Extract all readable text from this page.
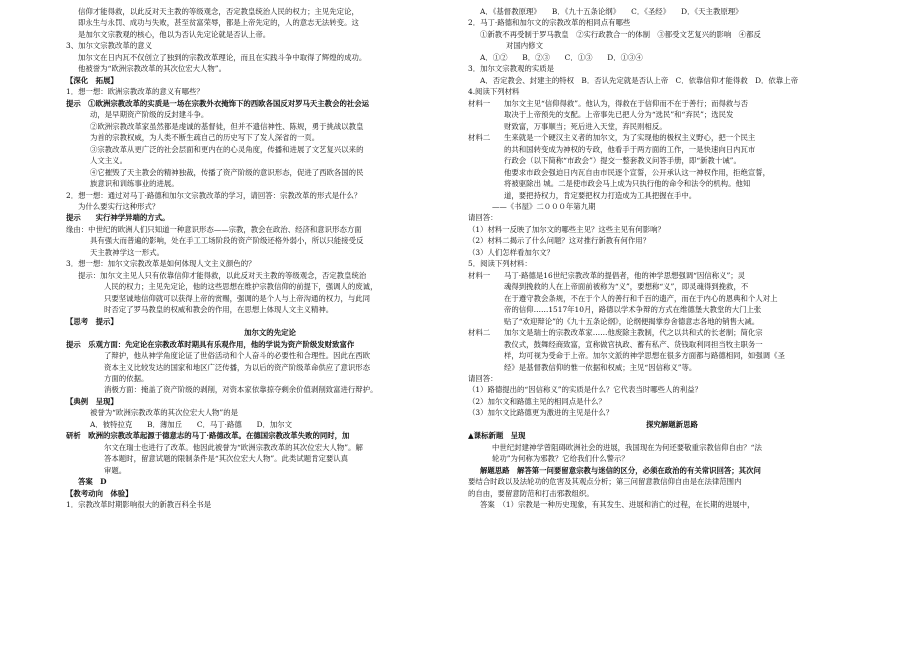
信仰才能得救，以此反对天主教的等级观念，否定教皇统治人民的权力；主见先定论，

即永生与永罚、成功与失败，甚至贫富荣辱，都是上帝先定的，人的意志无法转变。这

是加尔文宗教观的核心，他以为否认先定论就是否认上帝。

3、加尔文宗教改革的意义

加尔文在日内瓦不仅创立了独到的宗教改革理论，而且在实践斗争中取得了辉煌的成功。

他被誉为“欧洲宗教改革的其次位宏大人物”。

【深化　拓展】

1．想一想：欧洲宗教改革的意义有哪些？

提示　①欧洲宗教改革的实质是一场在宗教外衣掩饰下的西欧各国反对罗马天主教会的社会运

动，是早期资产阶级的反封建斗争。

②欧洲宗教改革家虽然都是虔诚的基督徒，但并不遗信神性、陈规，勇于挑战以教皇

为首的宗教权威，为人类不断生疏自己的历史写下了发人深省的一页。

③宗教改革从更广泛的社会层面和更内在的心灵角度，传播和进展了文艺复兴以来的

人文主义。

④它摧毁了天主教会的精神独裁，传播了资产阶级的意识形态，促进了西欧各国的民

族意识和训练事业的进展。

2．想一想：通过对马丁·路德和加尔文宗教改革的学习，请回答：宗教改革的形式是什么？

为什么要实行这种形式？

提示　　实行神学异端的方式。

缘由：中世纪的欧洲人们只知道一种意识形态——宗教，教会在政治、经济和意识形态方面

具有强大而普遍的影响，处在手工工场阶段的资产阶级还格外弱小，所以只能接受反

天主教神学这一形式。

3．想一想：加尔文宗教改革是如何体现人文主义颜色的？

提示：加尔文主见人只有依靠信仰才能得救，以此反对天主教的等级观念，否定教皇统治

人民的权力；主见先定论，他的这些思想在维护宗教信仰的前提下，强调人的废诚，

只要坚诚地信仰就可以获得上帝的赏赐，强调的是个人与上帝沟通的权力，与此同

时否定了罗马教皇的权威和教会的作用，在思想上体现人文主义精神。

【思考　提示】

加尔文的先定论

提示　乐观方面：先定论在宗教改革时期具有乐观作用，他的学说为资产阶级发财致富作

了辩护，他从神学角度论证了世俗活动和个人奋斗的必要性和合理性。因此在西欧

资本主义比较发达的国家和地区广泛传播，为以后的资产阶级革命供应了意识形态

方面的依据。

消极方面：掩盖了资产阶级的剥削，对资本家依靠掠夺剩余价值剥削致富进行辩护。

【典例　呈现】

被誉为“欧洲宗教改革的其次位宏大人物”的是

A．彼特拉克　　B．薄加丘　　C．马丁·路德　　D．加尔文

研析　欧洲的宗教改革起源于德意志的马丁·路德改革。在德国宗教改革失败的同时，加

尔文在瑞士也进行了改革。他因此被誉为“欧洲宗教改革的其次位宏大人物”。解

答本题时，留意试题的限制条件是“其次位宏大人物”。此类试题肯定要认真

审题。

答案　D

【教考动向　体验】

1．宗教改革时期影响很大的新教百科全书是

A．《基督教原理》　　B．《九十五条论纲》　　C．《圣经》　　D．《天主教原理》

2．马丁·路德和加尔文的宗教改革的相同点有哪些

①新教不再受制于罗马教皇　②实行政教合一的体制　③都受文艺复兴的影响　④都反

对国内修文

A．①②　　B．②③　　C．①③　　D．①③④

3．加尔文宗教观的实质是

A．否定教会、封建主的特权　B．否认先定就是否认上帝　C．依靠信仰才能得救　D．依靠上帝

4.阅读下列材料

材料一	加尔文主见“信仰得救”。他认为，得救在于信仰而不在于善行；而得救与否

取决于上帝预先的支配。上帝事先已把人分为“选民”和“弃民”；选民发

财致富，万事顺当；死后进入天堂，弃民则相反。

材料二	生来就是一个硬汉主义者的加尔文，为了实现他的极权主义野心，把一个民主

的共和国转变成为神权的专政，他看手于两方面的工作，一是快速向日内瓦市

行政会（以下简称“市政会”）提交一整套教义问答手册，即“新教十诫”。

他要求市政会强迫日内瓦自由市民逐个宣誓，公开承认这一神权作用，拒绝宣誓，

将被驱除出 城。二是使市政会马上成为只执行他的命令和法令的机构。他知

道，要把持权力，肯定要把权力打造成为工具把握在手中。

——《书屋》二０００年第九期

请回答：

（1）材料一反映了加尔文的哪些主见？这些主见有何影响？

（2）材料二揭示了什么问题？这对推行新教有何作用？

（3）人们怎样看加尔文？

5．阅读下列材料：

材料一	马丁·路德是16世纪宗教改革的提倡者，他的神学思想强调“因信称义”；灵

魂得到挽救的人在上帝面前被称为“义”，要想称“义”，即灵魂得到挽救，不

在于遵守教会条规，不在于个人的善行和千百的遗产，而在于内心的恩典和个人对上

帝的信仰……1517年10月，路德以学术争辩的方式在维德堡大教堂的大门上张

贴了“欢迎辩论”的《九十五条论纲》，论纲便揭掌券舍德意志各地的销售大减。

材料二	加尔文是瑞士的宗教改革家……他废除主教制，代之以共和式的长老制；简化宗

教仪式，鼓舞经商致富，宣称做官执政、蓄有私产、货钱取利同担当牧主职务一

样，均可视为受命于上帝。加尔文派的神学思想在很多方面都与路德相同，如强调《圣

经》是基督教信仰的惟一依据和权威；主见“因信称义”等。

请回答：

（1）路德提出的“因信称义”的实质是什么？它代表当时哪些人的利益？

（2）加尔文和路德主见的相同点是什么？

（3）加尔文比路德更为激进的主见是什么？

探究解题新思路

▲课标新题　呈现

中世纪封建神学曾阻碍欧洲社会的进展，我国现在为何还要敬重宗教信仰自由？“法

轮功”为何称为邪教？它给我们什么警示？

解题思路　解答第一问要留意宗教与迷信的区分，必须在政治的有关常识回答；其次问

要结合时政以及法轮功的危害及其观点分析；第三问留意教信仰自由是在法律范围内

的自由，要留意防范和打击邪教组织。

答案　（1）宗教是一种历史现象，有其发生、进展和消亡的过程，在长期的进展中，
